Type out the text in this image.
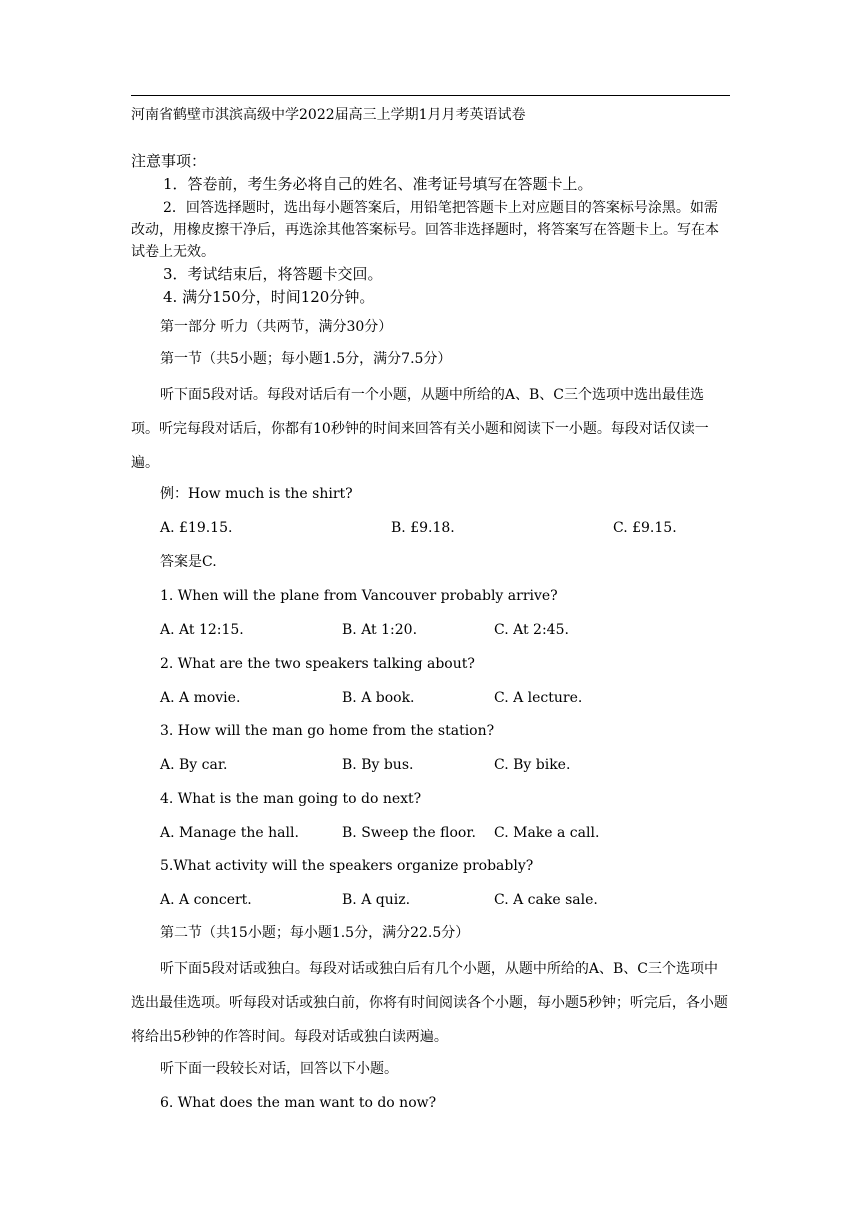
河南省鹤壁市淇滨高级中学2022届高三上学期1月月考英语试卷
注意事项：
1．答卷前，考生务必将自己的姓名、准考证号填写在答题卡上。
2．回答选择题时，选出每小题答案后，用铅笔把答题卡上对应题目的答案标号涂黑。如需改动，用橡皮擦干净后，再选涂其他答案标号。回答非选择题时，将答案写在答题卡上。写在本试卷上无效。
3．考试结束后，将答题卡交回。
4. 满分150分，时间120分钟。
第一部分 听力（共两节，满分30分）
第一节（共5小题；每小题1.5分，满分7.5分）
听下面5段对话。每段对话后有一个小题，从题中所给的A、B、C三个选项中选出最佳选项。听完每段对话后，你都有10秒钟的时间来回答有关小题和阅读下一小题。每段对话仅读一遍。
例：How much is the shirt?
A. £19.15.	B. £9.18.	C. £9.15.
答案是C.
1. When will the plane from Vancouver probably arrive?
A. At 12:15.	B. At 1:20.	C. At 2:45.
2. What are the two speakers talking about?
A. A movie.	B. A book.	C. A lecture.
3. How will the man go home from the station?
A. By car.	B. By bus.	C. By bike.
4. What is the man going to do next?
A. Manage the hall.	B. Sweep the floor. C. Make a call.
5.What activity will the speakers organize probably?
A. A concert.	B. A quiz.	C. A cake sale.
第二节（共15小题；每小题1.5分，满分22.5分）
听下面5段对话或独白。每段对话或独白后有几个小题，从题中所给的A、B、C三个选项中选出最佳选项。听每段对话或独白前，你将有时间阅读各个小题，每小题5秒钟；听完后，各小题将给出5秒钟的作答时间。每段对话或独白读两遍。
听下面一段较长对话，回答以下小题。
6. What does the man want to do now?
